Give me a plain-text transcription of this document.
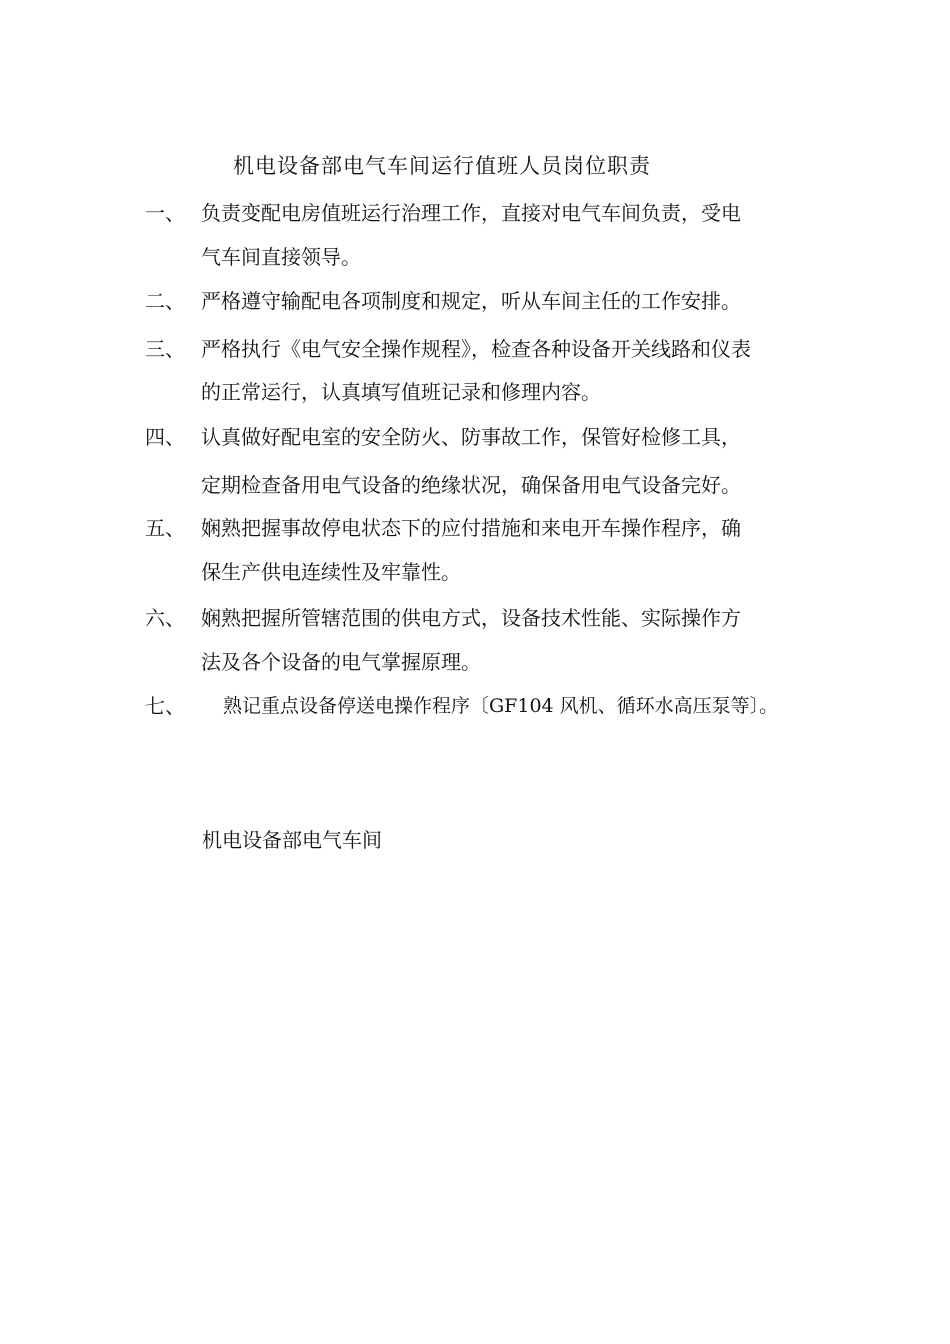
机电设备部电气车间运行值班人员岗位职责
一、 负责变配电房值班运行治理工作，直接对电气车间负责，受电
气车间直接领导。
二、 严格遵守输配电各项制度和规定，听从车间主任的工作安排。
三、 严格执行《电气安全操作规程》，检查各种设备开关线路和仪表
的正常运行，认真填写值班记录和修理内容。
四、 认真做好配电室的安全防火、防事故工作，保管好检修工具，
定期检查备用电气设备的绝缘状况，确保备用电气设备完好。
五、 娴熟把握事故停电状态下的应付措施和来电开车操作程序，确
保生产供电连续性及牢靠性。
六、 娴熟把握所管辖范围的供电方式，设备技术性能、实际操作方
法及各个设备的电气掌握原理。
七、	熟记重点设备停送电操作程序〔GF104 风机、循环水高压泵等〕。
机电设备部电气车间
